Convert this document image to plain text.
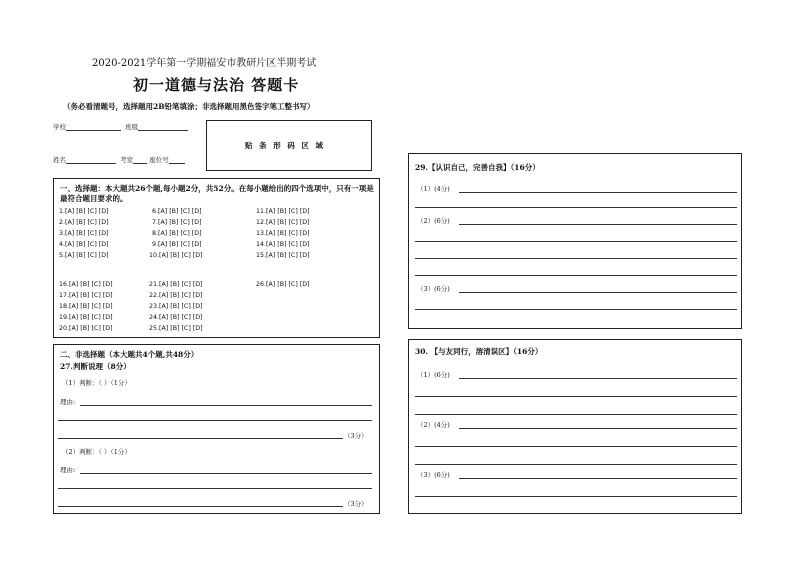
2020-2021学年第一学期福安市教研片区半期考试
初一道德与法治 答题卡
（务必看清题号，选择题用2B铅笔填涂；非选择题用黑色签字笔工整书写）
学校	班级
姓名	考室 座位号
贴 条 形 码 区 域
一、选择题：本大题共26个题,每小题2分，共52分。在每小题给出的四个选项中，只有一项是最符合题目要求的。
1.[A] [B] [C] [D]
2.[A] [B] [C] [D]
3.[A] [B] [C] [D]
4.[A] [B] [C] [D]
5.[A] [B] [C] [D]
6.[A] [B] [C] [D]
7.[A] [B] [C] [D]
8.[A] [B] [C] [D]
9.[A] [B] [C] [D]
10.[A] [B] [C] [D]
11.[A] [B] [C] [D]
12.[A] [B] [C] [D]
13.[A] [B] [C] [D]
14.[A] [B] [C] [D]
15.[A] [B] [C] [D]
16.[A] [B] [C] [D]
17.[A] [B] [C] [D]
18.[A] [B] [C] [D]
19.[A] [B] [C] [D]
20.[A] [B] [C] [D]
21.[A] [B] [C] [D]
22.[A] [B] [C] [D]
23.[A] [B] [C] [D]
24.[A] [B] [C] [D]
25.[A] [B] [C] [D]
26.[A] [B] [C] [D]
二、非选择题（本大题共4个题,共48分）
27.判断说理（8分）
（1）判断：（ ）（1分）
理由:
（3分）
（2）判断：（ ）（1分）
理由:
（3分）
29.【认识自己，完善自我】（16分）
（1）(4分)
（2）(6分)
（3）(6分)
30. 【与友同行，溶清误区】（16分）
（1）(6分)
（2）(4分)
（3）(6分)
